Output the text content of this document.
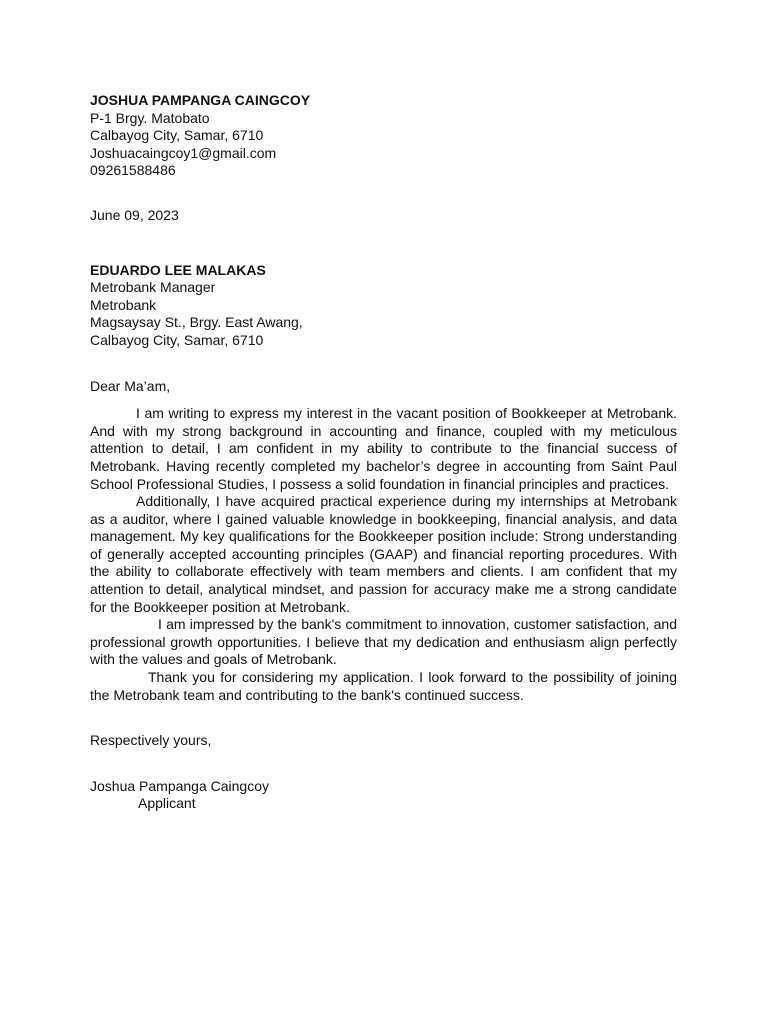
JOSHUA PAMPANGA CAINGCOY
P-1 Brgy. Matobato
Calbayog City, Samar, 6710
Joshuacaingcoy1@gmail.com
09261588486
June 09, 2023
EDUARDO LEE MALAKAS
Metrobank Manager
Metrobank
Magsaysay St., Brgy. East Awang,
Calbayog City, Samar, 6710
Dear Ma’am,

I am writing to express my interest in the vacant position of Bookkeeper at Metrobank. And with my strong background in accounting and finance, coupled with my meticulous attention to detail, I am confident in my ability to contribute to the financial success of Metrobank. Having recently completed my bachelor’s degree in accounting from Saint Paul School Professional Studies, I possess a solid foundation in financial principles and practices.

Additionally, I have acquired practical experience during my internships at Metrobank as a auditor, where I gained valuable knowledge in bookkeeping, financial analysis, and data management. My key qualifications for the Bookkeeper position include: Strong understanding of generally accepted accounting principles (GAAP) and financial reporting procedures. With the ability to collaborate effectively with team members and clients. I am confident that my attention to detail, analytical mindset, and passion for accuracy make me a strong candidate for the Bookkeeper position at Metrobank.

I am impressed by the bank's commitment to innovation, customer satisfaction, and professional growth opportunities. I believe that my dedication and enthusiasm align perfectly with the values and goals of Metrobank.

Thank you for considering my application. I look forward to the possibility of joining the Metrobank team and contributing to the bank's continued success.

Respectively yours,
Joshua Pampanga Caingcoy
Applicant
